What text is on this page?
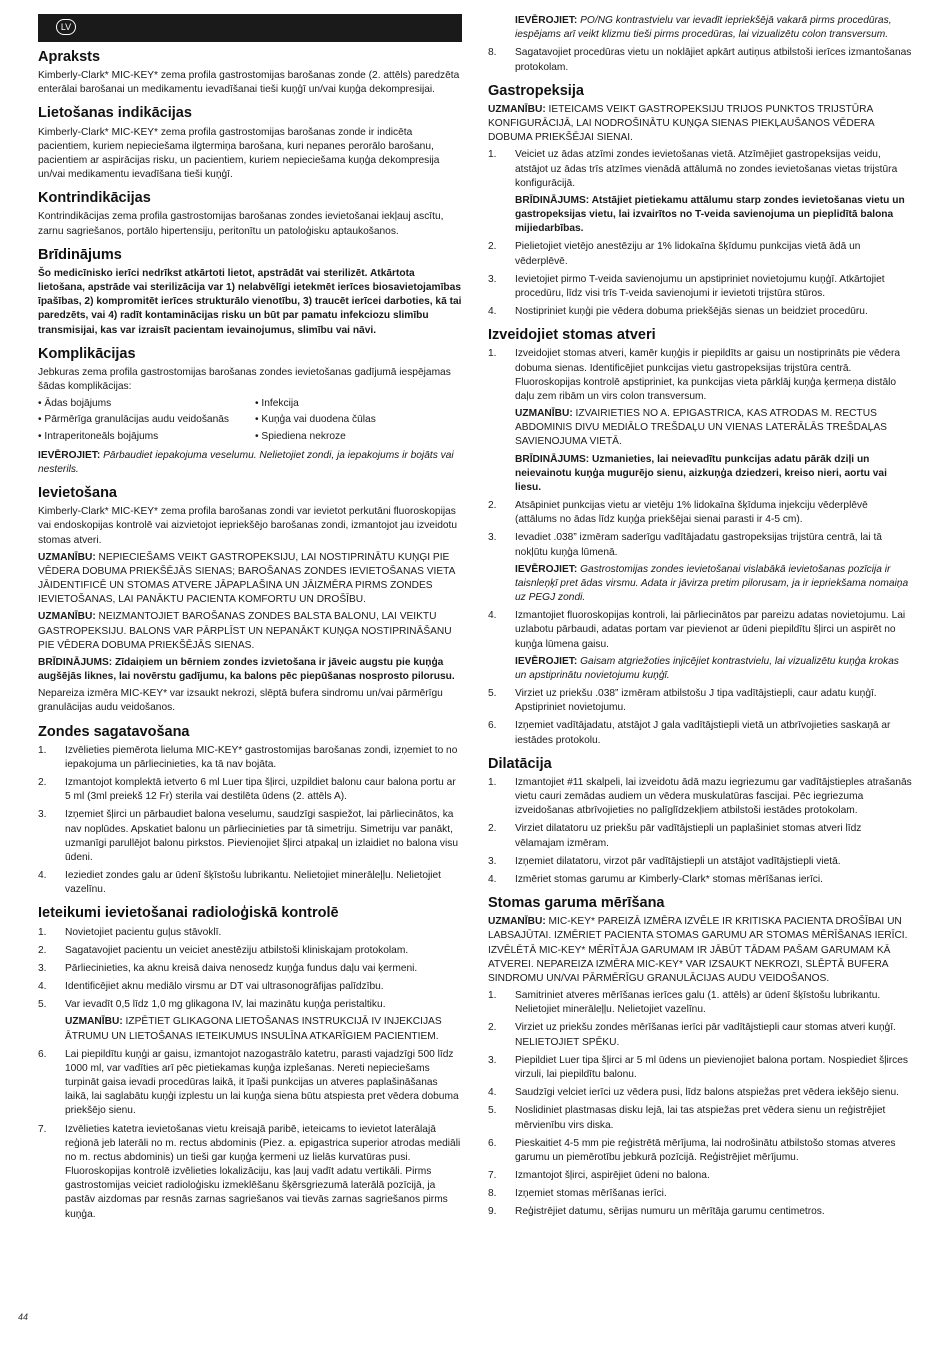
LV
Apraksts

Kimberly-Clark* MIC-KEY* zema profila gastrostomijas barošanas zonde (2. attēls) paredzēta enterālai barošanai un medikamentu ievadīšanai tieši kuņģī un/vai kuņģa dekompresijai.

Lietošanas indikācijas

Kimberly-Clark* MIC-KEY* zema profila gastrostomijas barošanas zonde ir indicēta pacientiem, kuriem nepieciešama ilgtermiņa barošana, kuri nepanes perorālo barošanu, pacientiem ar aspirācijas risku, un pacientiem, kuriem nepieciešama kuņģa dekompresija un/vai medikamentu ievadīšana tieši kuņģī.

Kontrindikācijas

Kontrindikācijas zema profila gastrostomijas barošanas zondes ievietošanai iekļauj ascītu, zarnu sagriešanos, portālo hipertensiju, peritonītu un patoloģisku aptaukošanos.

Brīdinājums

Šo medicīnisko ierīci nedrīkst atkārtoti lietot, apstrādāt vai sterilizēt. Atkārtota lietošana, apstrāde vai sterilizācija var 1) nelabvēlīgi ietekmēt ierīces biosavietojamības īpašības, 2) kompromitēt ierīces strukturālo vienotību, 3) traucēt ierīcei darboties, kā tai paredzēts, vai 4) radīt kontaminācijas risku un būt par pamatu infekciozu slimību transmisijai, kas var izraisīt pacientam ievainojumus, slimību vai nāvi.

Komplikācijas

Jebkuras zema profila gastrostomijas barošanas zondes ievietošanas gadījumā iespējamas šādas komplikācijas:

• Ādas bojājums	• Infekcija
• Pārmērīga granulācijas audu veidošanās	• Kuņģa vai duodena čūlas
• Intraperitoneāls bojājums	• Spiediena nekroze

IEVĒROJIET: Pārbaudiet iepakojuma veselumu. Nelietojiet zondi, ja iepakojums ir bojāts vai nesterils.

Ievietošana

Kimberly-Clark* MIC-KEY* zema profila barošanas zondi var ievietot perkutāni fluoroskopijas vai endoskopijas kontrolē vai aizvietojot iepriekšējo barošanas zondi, izmantojot jau izveidotu stomas atveri.

UZMANĪBU: NEPIECIEŠAMS VEIKT GASTROPEKSIJU, LAI NOSTIPRINĀTU KUŅĢI PIE VĒDERA DOBUMA PRIEKŠĒJĀS SIENAS; BAROŠANAS ZONDES IEVIETOŠANAS VIETA JĀIDENTIFICĒ UN STOMAS ATVERE JĀPAPLAŠINA UN JĀIZMĒRA PIRMS ZONDES IEVIETOŠANAS, LAI PANĀKTU PACIENTA KOMFORTU UN DROŠĪBU.

UZMANĪBU: NEIZMANTOJIET BAROŠANAS ZONDES BALSTA BALONU, LAI VEIKTU GASTROPEKSIJU. BALONS VAR PĀRPLĪST UN NEPANĀKT KUŅĢA NOSTIPRINĀŠANU PIE VĒDERA DOBUMA PRIEKŠĒJĀS SIENAS.

BRĪDINĀJUMS: Zīdaiņiem un bērniem zondes izvietošana ir jāveic augstu pie kuņģa augšējās liknes, lai novērstu gadījumu, ka balons pēc piepūšanas nosprosto pilorusu.

Nepareiza izmēra MIC-KEY* var izsaukt nekrozi, slēptā bufera sindromu un/vai pārmērīgu granulācijas audu veidošanos.

Zondes sagatavošana
1. Izvēlieties piemērota lieluma MIC-KEY* gastrostomijas barošanas zondi, izņemiet to no iepakojuma un pārliecinieties, ka tā nav bojāta.
2. Izmantojot komplektā ietverto 6 ml Luer tipa šļirci, uzpildiet balonu caur balona portu ar 5 ml (3ml preiekš 12 Fr) sterila vai destilēta ūdens (2. attēls A).
3. Izņemiet šļirci un pārbaudiet balona veselumu, saudzīgi saspiežot, lai pārliecinātos, ka nav noplūdes. Apskatiet balonu un pārliecinieties par tā simetriju. Simetriju var panākt, uzmanīgi parullējot balonu pirkstos. Pievienojiet šļirci atpakaļ un izlaidiet no balona visu ūdeni.
4. Ieziediet zondes galu ar ūdenī šķīstošu lubrikantu. Nelietojiet minerāleļļu. Nelietojiet vazelīnu.
Ieteikumi ievietošanai radioloģiskā kontrolē
1. Novietojiet pacientu guļus stāvoklī.
2. Sagatavojiet pacientu un veiciet anestēziju atbilstoši kliniskajam protokolam.
3. Pārliecinieties, ka aknu kreisā daiva nenosedz kuņģa fundus daļu vai ķermeni.
4. Identificējiet aknu mediālo virsmu ar DT vai ultrasonogrāfijas palīdzību.
5. Var ievadīt 0,5 līdz 1,0 mg glikagona IV, lai mazinātu kuņģa peristaltiku.
UZMANĪBU: IZPĒTIET GLIKAGONA LIETOŠANAS INSTRUKCIJĀ IV INJEKCIJAS ĀTRUMU UN LIETOŠANAS IETEIKUMUS INSULĪNA ATKARĪGIEM PACIENTIEM.
6. Lai piepildītu kuņģi ar gaisu, izmantojot nazogastrālo katetru, parasti vajadzīgi 500 līdz 1000 ml, var vadīties arī pēc pietiekamas kuņģa izplešanas. Nereti nepieciešams turpināt gaisa ievadi procedūras laikā, it īpaši punkcijas un atveres paplašināšanas laikā, lai saglabātu kuņģi izplestu un lai kuņģa siena būtu atspiesta pret vēdera dobuma priekšējo sienu.
7. Izvēlieties katetra ievietošanas vietu kreisajā paribē, ieteicams to ievietot laterālajā reģionā jeb laterāli no m. rectus abdominis (Piez. a. epigastrica superior atrodas mediāli no m. rectus abdominis) un tieši gar kuņģa ķermeni uz lielās kurvatūras pusi. Fluoroskopijas kontrolē izvēlieties lokalizāciju, kas ļauj vadīt adatu vertikāli. Pirms gastrostomijas veiciet radioloģisku izmeklēšanu šķērsgriezumā laterālā pozīcijā, ja pastāv aizdomas par resnās zarnas sagriešanos vai tievās zarnas sagriešanos pirms kuņģa.
IEVĒROJIET: PO/NG kontrastvielu var ievadīt iepriekšējā vakarā pirms procedūras, iespējams arī veikt klizmu tieši pirms procedūras, lai vizualizētu colon transversum.
8. Sagatavojiet procedūras vietu un noklājiet apkārt autiņus atbilstoši ierīces izmantošanas protokolam.
Gastropeksija

UZMANĪBU: IETEICAMS VEIKT GASTROPEKSIJU TRIJOS PUNKTOS TRIJSTŪRA KONFIGURĀCIJĀ, LAI NODROŠINĀTU KUŅĢA SIENAS PIEKĻAUŠANOS VĒDERA DOBUMA PRIEKŠĒJAI SIENAI.

1. Veiciet uz ādas atzīmi zondes ievietošanas vietā. Atzīmējiet gastropeksijas veidu, atstājot uz ādas trīs atzīmes vienādā attālumā no zondes ievietošanas vietas trijstūra konfigurācijā.
BRĪDINĀJUMS: Atstājiet pietiekamu attālumu starp zondes ievietošanas vietu un gastropeksijas vietu, lai izvairītos no T-veida savienojuma un pieplidītā balona mijiedarbības.
2. Pielietojiet vietējo anestēziju ar 1% lidokaīna šķīdumu punkcijas vietā ādā un vēderplēvē.
3. Ievietojiet pirmo T-veida savienojumu un apstipriniet novietojumu kuņģī. Atkārtojiet procedūru, līdz visi trīs T-veida savienojumi ir ievietoti trijstūra stūros.
4. Nostipriniet kuņģi pie vēdera dobuma priekšējās sienas un beidziet procedūru.
Izveidojiet stomas atveri
1. Izveidojiet stomas atveri, kamēr kuņģis ir piepildīts ar gaisu un nostiprināts pie vēdera dobuma sienas. Identificējiet punkcijas vietu gastropeksijas trijstūra centrā. Fluoroskopijas kontrolē apstipriniet, ka punkcijas vieta pārklāj kuņģa ķermeņa distālo daļu zem ribām un virs colon transversum.
UZMANĪBU: IZVAIRIETIES NO A. EPIGASTRICA, KAS ATRODAS M. RECTUS ABDOMINIS DIVU MEDIĀLO TREŠDAĻU UN VIENAS LATERĀLĀS TREŠDAĻAS SAVIENOJUMA VIETĀ.
BRĪDINĀJUMS: Uzmanieties, lai neievadītu punkcijas adatu pārāk dziļi un neievainotu kuņģa mugurējo sienu, aizkuņģa dziedzeri, kreiso nieri, aortu vai liesu.
2. Atsāpiniet punkcijas vietu ar vietēju 1% lidokaīna šķīduma injekciju vēderplēvē (attālums no ādas līdz kuņģa priekšējai sienai parasti ir 4-5 cm).
3. Ievadiet .038” izmēram saderīgu vadītājadatu gastropeksijas trijstūra centrā, lai tā nokļūtu kuņģa lūmenā.
IEVĒROJIET: Gastrostomijas zondes ievietošanai vislabākā ievietošanas pozīcija ir taisnleņķī pret ādas virsmu. Adata ir jāvirza pretim pilorusam, ja ir iepriekšama nomaiņa uz PEGJ zondi.
4. Izmantojiet fluoroskopijas kontroli, lai pārliecinātos par pareizu adatas novietojumu. Lai uzlabotu pārbaudi, adatas portam var pievienot ar ūdeni piepildītu šļirci un aspirēt no kuņģa lūmena gaisu.
IEVĒROJIET: Gaisam atgriežoties injicējiet kontrastvielu, lai vizualizētu kuņģa krokas un apstiprinātu novietojumu kuņģī.
5. Virziet uz priekšu .038” izmēram atbilstošu J tipa vadītājstiepli, caur adatu kuņģī. Apstipriniet novietojumu.
6. Izņemiet vadītājadatu, atstājot J gala vadītājstiepli vietā un atbrīvojieties saskaņā ar iestādes protokolu.
Dilatācija
1. Izmantojiet #11 skalpeli, lai izveidotu ādā mazu iegriezumu gar vadītājstieples atrašanās vietu cauri zemādas audiem un vēdera muskulatūras fascijai. Pēc iegriezuma izveidošanas atbrīvojieties no palīglīdzekļiem atbilstoši iestādes protokolam.
2. Virziet dilatatoru uz priekšu pār vadītājstiepli un paplašiniet stomas atveri līdz vēlamajam izmēram.
3. Izņemiet dilatatoru, virzot pār vadītājstiepli un atstājot vadītājstiepli vietā.
4. Izmēriet stomas garumu ar Kimberly-Clark* stomas mērīšanas ierīci.
Stomas garuma mērīšana

UZMANĪBU: MIC-KEY* PAREIZĀ IZMĒRA IZVĒLE IR KRITISKA PACIENTA DROŠĪBAI UN LABSAJŪTAI. IZMĒRIET PACIENTA STOMAS GARUMU AR STOMAS MĒRĪŠANAS IERĪCI. IZVĒLĒTĀ MIC-KEY* MĒRĪTĀJA GARUMAM IR JĀBŪT TĀDAM PAŠAM GARUMAM KĀ ATVEREI. NEPAREIZA IZMĒRA MIC-KEY* VAR IZSAUKT NEKROZI, SLĒPTĀ BUFERA SINDROMU UN/VAI PĀRMĒRĪGU GRANULĀCIJAS AUDU VEIDOŠANOS.

1. Samitriniet atveres mērīšanas ierīces galu (1. attēls) ar ūdenī šķīstošu lubrikantu. Nelietojiet minerāleļļu. Nelietojiet vazelīnu.
2. Virziet uz priekšu zondes mērīšanas ierīci pār vadītājstiepli caur stomas atveri kuņģī. NELIETOJIET SPĒKU.
3. Piepildiet Luer tipa šļirci ar 5 ml ūdens un pievienojiet balona portam. Nospiediet šļirces virzuli, lai piepildītu balonu.
4. Saudzīgi velciet ierīci uz vēdera pusi, līdz balons atspiežas pret vēdera iekšējo sienu.
5. Noslidiniet plastmasas disku lejā, lai tas atspiežas pret vēdera sienu un reģistrējiet mērvienību virs diska.
6. Pieskaitiet 4-5 mm pie reģistrētā mērījuma, lai nodrošinātu atbilstošo stomas atveres garumu un piemērotību jebkurā pozīcijā. Reģistrējiet mērījumu.
7. Izmantojot šļirci, aspirējiet ūdeni no balona.
8. Izņemiet stomas mērīšanas ierīci.
9. Reģistrējiet datumu, sērijas numuru un mērītāja garumu centimetros.
44
